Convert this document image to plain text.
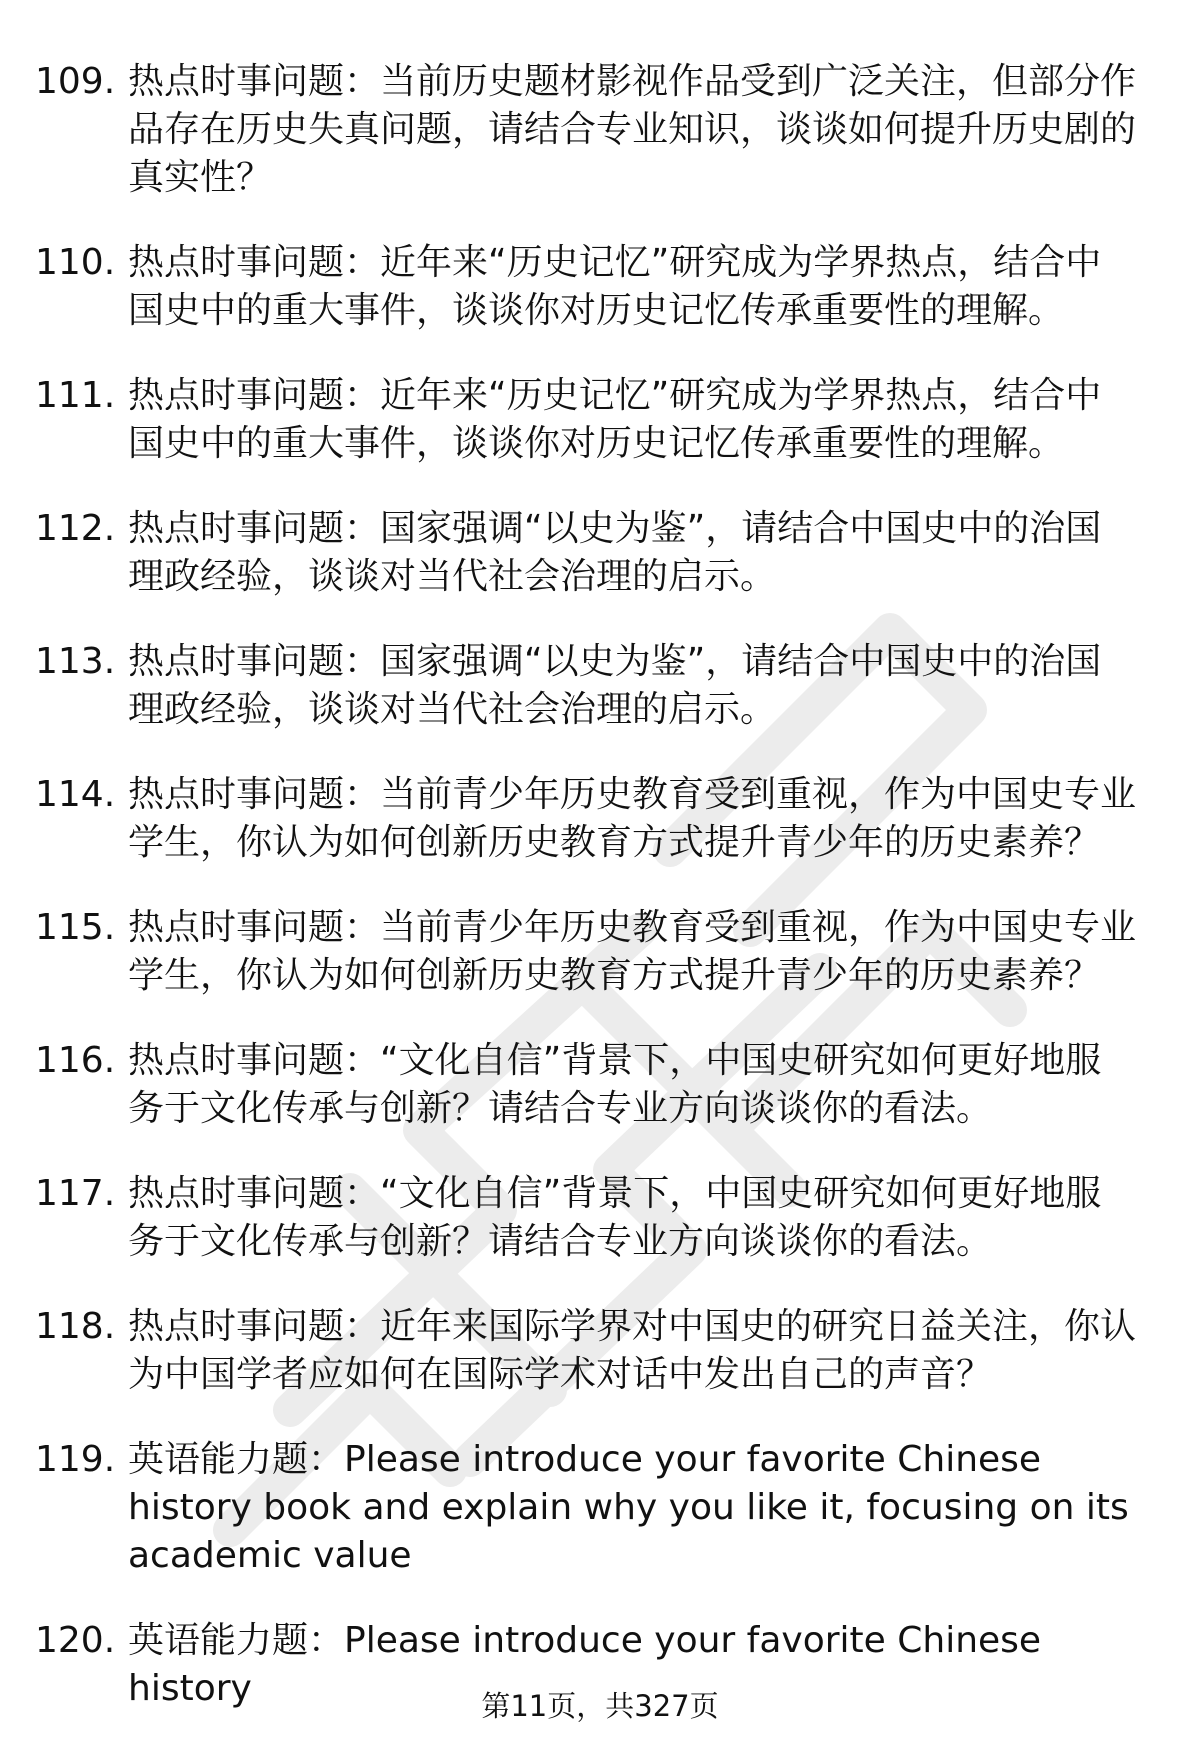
109. 热点时事问题：当前历史题材影视作品受到广泛关注，但部分作品存在历史失真问题，请结合专业知识，谈谈如何提升历史剧的真实性？
110. 热点时事问题：近年来“历史记忆”研究成为学界热点，结合中国史中的重大事件，谈谈你对历史记忆传承重要性的理解。
111. 热点时事问题：近年来“历史记忆”研究成为学界热点，结合中国史中的重大事件，谈谈你对历史记忆传承重要性的理解。
112. 热点时事问题：国家强调“以史为鉴”，请结合中国史中的治国理政经验，谈谈对当代社会治理的启示。
113. 热点时事问题：国家强调“以史为鉴”，请结合中国史中的治国理政经验，谈谈对当代社会治理的启示。
114. 热点时事问题：当前青少年历史教育受到重视，作为中国史专业学生，你认为如何创新历史教育方式提升青少年的历史素养？
115. 热点时事问题：当前青少年历史教育受到重视，作为中国史专业学生，你认为如何创新历史教育方式提升青少年的历史素养？
116. 热点时事问题：“文化自信”背景下，中国史研究如何更好地服务于文化传承与创新？请结合专业方向谈谈你的看法。
117. 热点时事问题：“文化自信”背景下，中国史研究如何更好地服务于文化传承与创新？请结合专业方向谈谈你的看法。
118. 热点时事问题：近年来国际学界对中国史的研究日益关注，你认为中国学者应如何在国际学术对话中发出自己的声音？
119. 英语能力题：Please introduce your favorite Chinese history book and explain why you like it, focusing on its academic value
120. 英语能力题：Please introduce your favorite Chinese history	第11页，共327页
